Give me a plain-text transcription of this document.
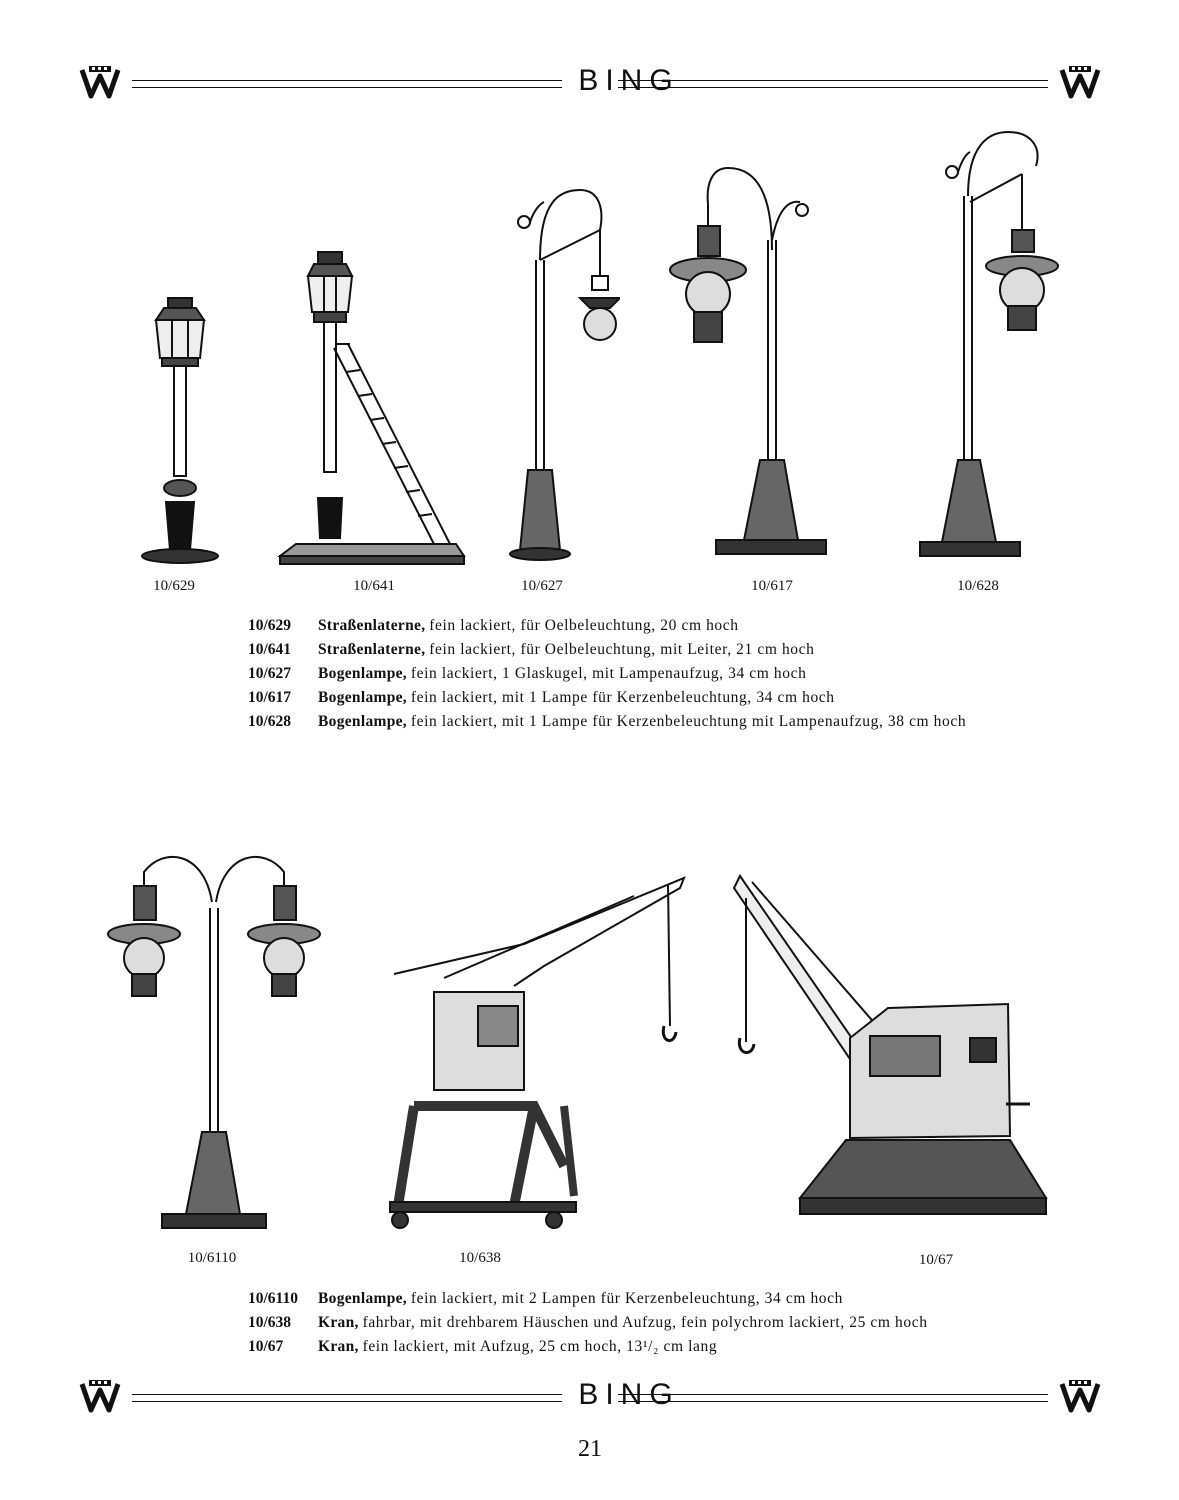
BING
10/629	10/641	10/627	10/617	10/628
10/629	Straßenlaterne, fein lackiert, für Oelbeleuchtung, 20 cm hoch
10/641	Straßenlaterne, fein lackiert, für Oelbeleuchtung, mit Leiter, 21 cm hoch
10/627	Bogenlampe, fein lackiert, 1 Glaskugel, mit Lampenaufzug, 34 cm hoch
10/617	Bogenlampe, fein lackiert, mit 1 Lampe für Kerzenbeleuchtung, 34 cm hoch
10/628	Bogenlampe, fein lackiert, mit 1 Lampe für Kerzenbeleuchtung mit Lampenaufzug, 38 cm hoch
10/6110	10/638	10/67
10/6110	Bogenlampe, fein lackiert, mit 2 Lampen für Kerzenbeleuchtung, 34 cm hoch
10/638	Kran, fahrbar, mit drehbarem Häuschen und Aufzug, fein polychrom lackiert, 25 cm hoch
10/67	Kran, fein lackiert, mit Aufzug, 25 cm hoch, 13¹/₂ cm lang
BING
21
